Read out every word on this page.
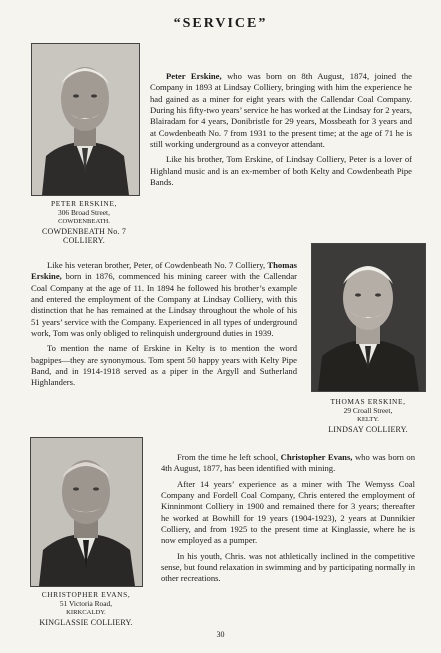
“SERVICE”
PETER ERSKINE,
306 Broad Street,
COWDENBEATH.
COWDENBEATH No. 7
COLLIERY.

Peter Erskine, who was born on 8th August, 1874, joined the Company in 1893 at Lindsay Colliery, bringing with him the experience he had gained as a miner for eight years with the Callendar Coal Company. During his fifty-two years’ service he has worked at the Lindsay for 2 years, Blairadam for 4 years, Donibristle for 29 years, Mossbeath for 3 years and at Cowdenbeath No. 7 from 1931 to the present time; at the age of 71 he is still working underground as a conveyor attendant.

Like his brother, Tom Erskine, of Lindsay Colliery, Peter is a lover of Highland music and is an ex-member of both Kelty and Cowdenbeath Pipe Bands.

Like his veteran brother, Peter, of Cowdenbeath No. 7 Colliery, Thomas Erskine, born in 1876, commenced his mining career with the Callendar Coal Company at the age of 11. In 1894 he followed his brother’s example and entered the employment of the Company at Lindsay Colliery, with this distinction that he has remained at the Lindsay throughout the whole of his 51 years’ service with the Company. Experienced in all types of underground work, Tom was only obliged to relinquish underground duties in 1939.

To mention the name of Erskine in Kelty is to mention the word bagpipes—they are synonymous. Tom spent 50 happy years with Kelty Pipe Band, and in 1914-1918 served as a piper in the Argyll and Sutherland Highlanders.

THOMAS ERSKINE,
29 Croall Street,
KELTY.
LINDSAY COLLIERY.
CHRISTOPHER EVANS,
51 Victoria Road,
KIRKCALDY.
KINGLASSIE COLLIERY.

From the time he left school, Christopher Evans, who was born on 4th August, 1877, has been identified with mining.

After 14 years’ experience as a miner with The Wemyss Coal Company and Fordell Coal Company, Chris entered the employment of Kinninmont Colliery in 1900 and remained there for 3 years; thereafter he worked at Bowhill for 19 years (1904-1923), 2 years at Dunnikier Colliery, and from 1925 to the present time at Kinglassie, where he is now employed as a pumper.

In his youth, Chris. was not athletically inclined in the competitive sense, but found relaxation in swimming and by participating normally in other recreations.

30
